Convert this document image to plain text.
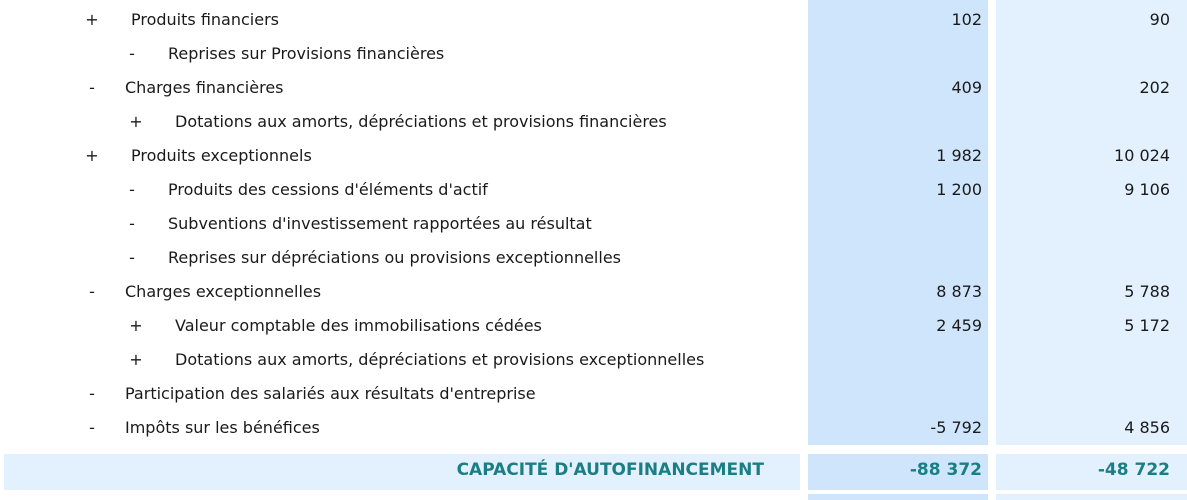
+ Produits financiers	102	90
-	Reprises sur Provisions financières
-	Charges financières	409	202
+ Dotations aux amorts, dépréciations et provisions financières
+ Produits exceptionnels	1 982	10 024
-	Produits des cessions d'éléments d'actif	1 200	9 106
-	Subventions d'investissement rapportées au résultat
-	Reprises sur dépréciations ou provisions exceptionnelles
-	Charges exceptionnelles	8 873	5 788
+ Valeur comptable des immobilisations cédées	2 459	5 172
+ Dotations aux amorts, dépréciations et provisions exceptionnelles
-	Participation des salariés aux résultats d'entreprise
-	Impôts sur les bénéfices	-5 792	4 856
CAPACITÉ D'AUTOFINANCEMENT	-88 372	-48 722
